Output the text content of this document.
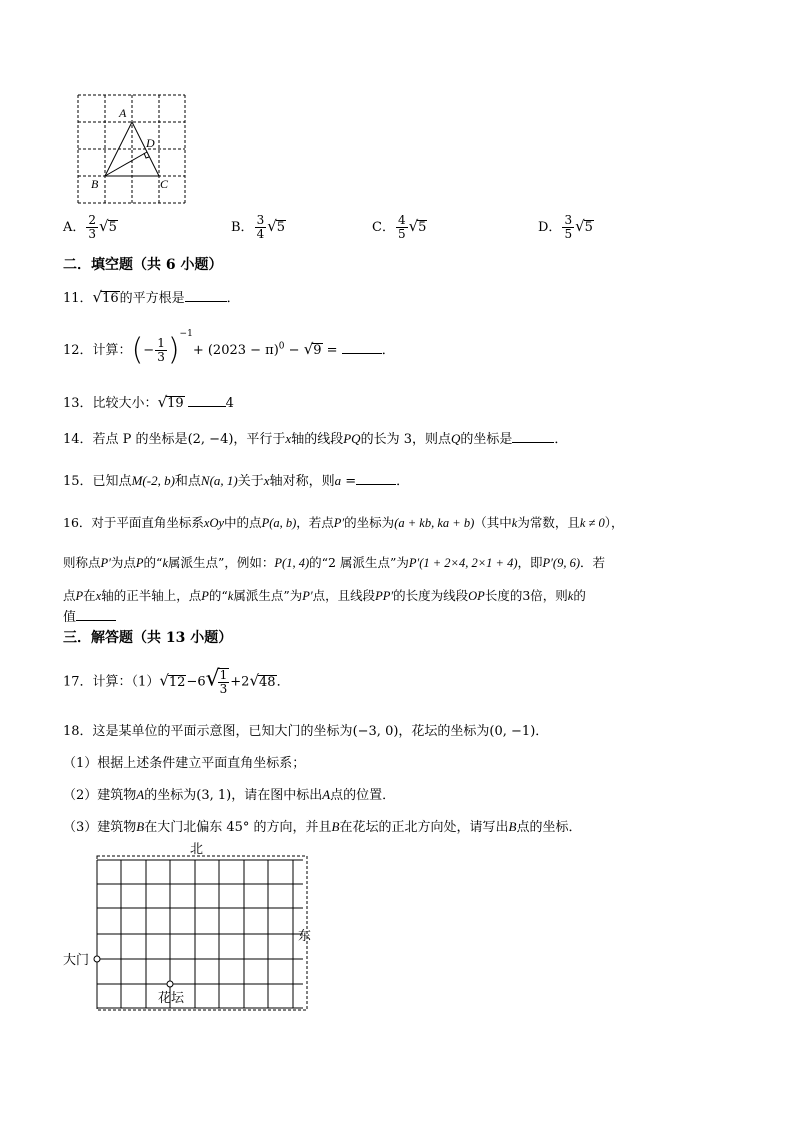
A
B	C
D
A． $\frac{2}{3} √5$	B． $\frac{3}{4} √5$	C． $\frac{4}{5} √5$	D． $\frac{3}{5} √5$
二．填空题（共 6 小题）
11．√16的平方根是	．
12．计算：(− $\frac{1}{3} )^{-1}+ (2023 - \pi)^0 - √9$ =	．
13．比较大小：√19	4
14．若点 P 的坐标是(2, −4)，平行于x轴的线段PQ的长为 3，则点Q的坐标是	．
15．已知点M(-2, b)和点N(a, 1)关于x轴对称，则a =	．
16．对于平面直角坐标系xOy中的点P(a, b)，若点P′的坐标为(a + kb, ka + b)（其中k为常数，且k ≠ 0），
则称点P′为点P的“k属派生点”，例如：P(1, 4)的“2 属派生点”为P′(1 + 2×4, 2×1 + 4)，即P′(9, 6)．若
点P在x轴的正半轴上，点P的“k属派生点”为P′点，且线段PP′的长度为线段OP长度的3倍，则k的
值
三．解答题（共 13 小题）
17．计算：（1）√12−6√
$\frac{1}{3} +2√48$．
18．这是某单位的平面示意图，已知大门的坐标为(−3, 0)，花坛的坐标为(0, −1)．
（1）根据上述条件建立平面直角坐标系；
（2）建筑物A的坐标为(3, 1)，请在图中标出A点的位置．
（3）建筑物B在大门北偏东 45° 的方向，并且B在花坛的正北方向处，请写出B点的坐标．
北
东
大门
花坛
